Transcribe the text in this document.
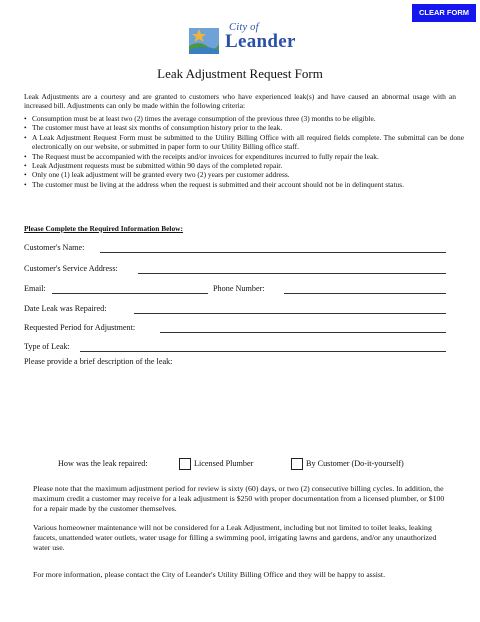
CLEAR FORM
City of
Leander
Leak Adjustment Request Form
Leak Adjustments are a courtesy and are granted to customers who have experienced leak(s) and have caused an abnormal usage with an increased bill. Adjustments can only be made within the following criteria:
• Consumption must be at least two (2) times the average consumption of the previous three (3) months to be eligible.
• The customer must have at least six months of consumption history prior to the leak.
• A Leak Adjustment Request Form must be submitted to the Utility Billing Office with all required fields complete. The submittal can be done electronically on our website, or submitted in paper form to our Utility Billing office staff.
• The Request must be accompanied with the receipts and/or invoices for expenditures incurred to fully repair the leak.
• Leak Adjustment requests must be submitted within 90 days of the completed repair.
• Only one (1) leak adjustment will be granted every two (2) years per customer address.
• The customer must be living at the address when the request is submitted and their account should not be in delinquent status.
Please Complete the Required Information Below:
Customer's Name:
Customer's Service Address:
Email:	Phone Number:
Date Leak was Repaired:
Requested Period for Adjustment:
Type of Leak:
Please provide a brief description of the leak:
How was the leak repaired:	Licensed Plumber	By Customer (Do-it-yourself)
Please note that the maximum adjustment period for review is sixty (60) days, or two (2) consecutive billing cycles. In addition, the maximum credit a customer may receive for a leak adjustment is $250 with proper documentation from a licensed plumber, or $100 for a repair made by the customer themselves.
Various homeowner maintenance will not be considered for a Leak Adjustment, including but not limited to toilet leaks, leaking faucets, unattended water outlets, water usage for filling a swimming pool, irrigating lawns and gardens, and/or any unauthorized water use.
For more information, please contact the City of Leander's Utility Billing Office and they will be happy to assist.
